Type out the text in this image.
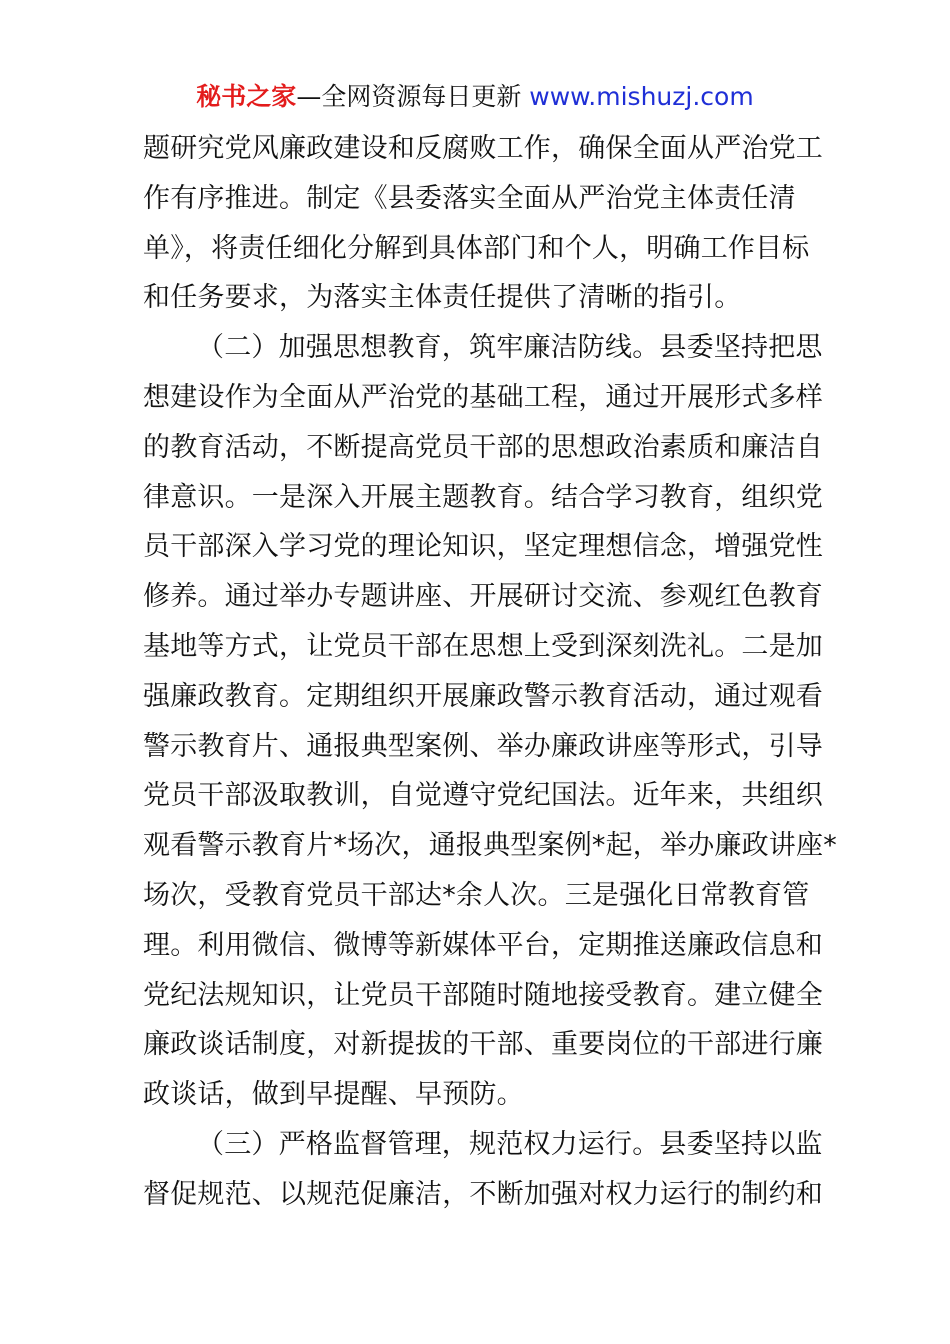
秘书之家—全网资源每日更新 www.mishuzj.com
题研究党风廉政建设和反腐败工作，确保全面从严治党工
作有序推进。制定《县委落实全面从严治党主体责任清
单》，将责任细化分解到具体部门和个人，明确工作目标
和任务要求，为落实主体责任提供了清晰的指引。
（二）加强思想教育，筑牢廉洁防线。县委坚持把思
想建设作为全面从严治党的基础工程，通过开展形式多样
的教育活动，不断提高党员干部的思想政治素质和廉洁自
律意识。一是深入开展主题教育。结合学习教育，组织党
员干部深入学习党的理论知识，坚定理想信念，增强党性
修养。通过举办专题讲座、开展研讨交流、参观红色教育
基地等方式，让党员干部在思想上受到深刻洗礼。二是加
强廉政教育。定期组织开展廉政警示教育活动，通过观看
警示教育片、通报典型案例、举办廉政讲座等形式，引导
党员干部汲取教训，自觉遵守党纪国法。近年来，共组织
观看警示教育片*场次，通报典型案例*起，举办廉政讲座*
场次，受教育党员干部达*余人次。三是强化日常教育管
理。利用微信、微博等新媒体平台，定期推送廉政信息和
党纪法规知识，让党员干部随时随地接受教育。建立健全
廉政谈话制度，对新提拔的干部、重要岗位的干部进行廉
政谈话，做到早提醒、早预防。
（三）严格监督管理，规范权力运行。县委坚持以监
督促规范、以规范促廉洁，不断加强对权力运行的制约和
